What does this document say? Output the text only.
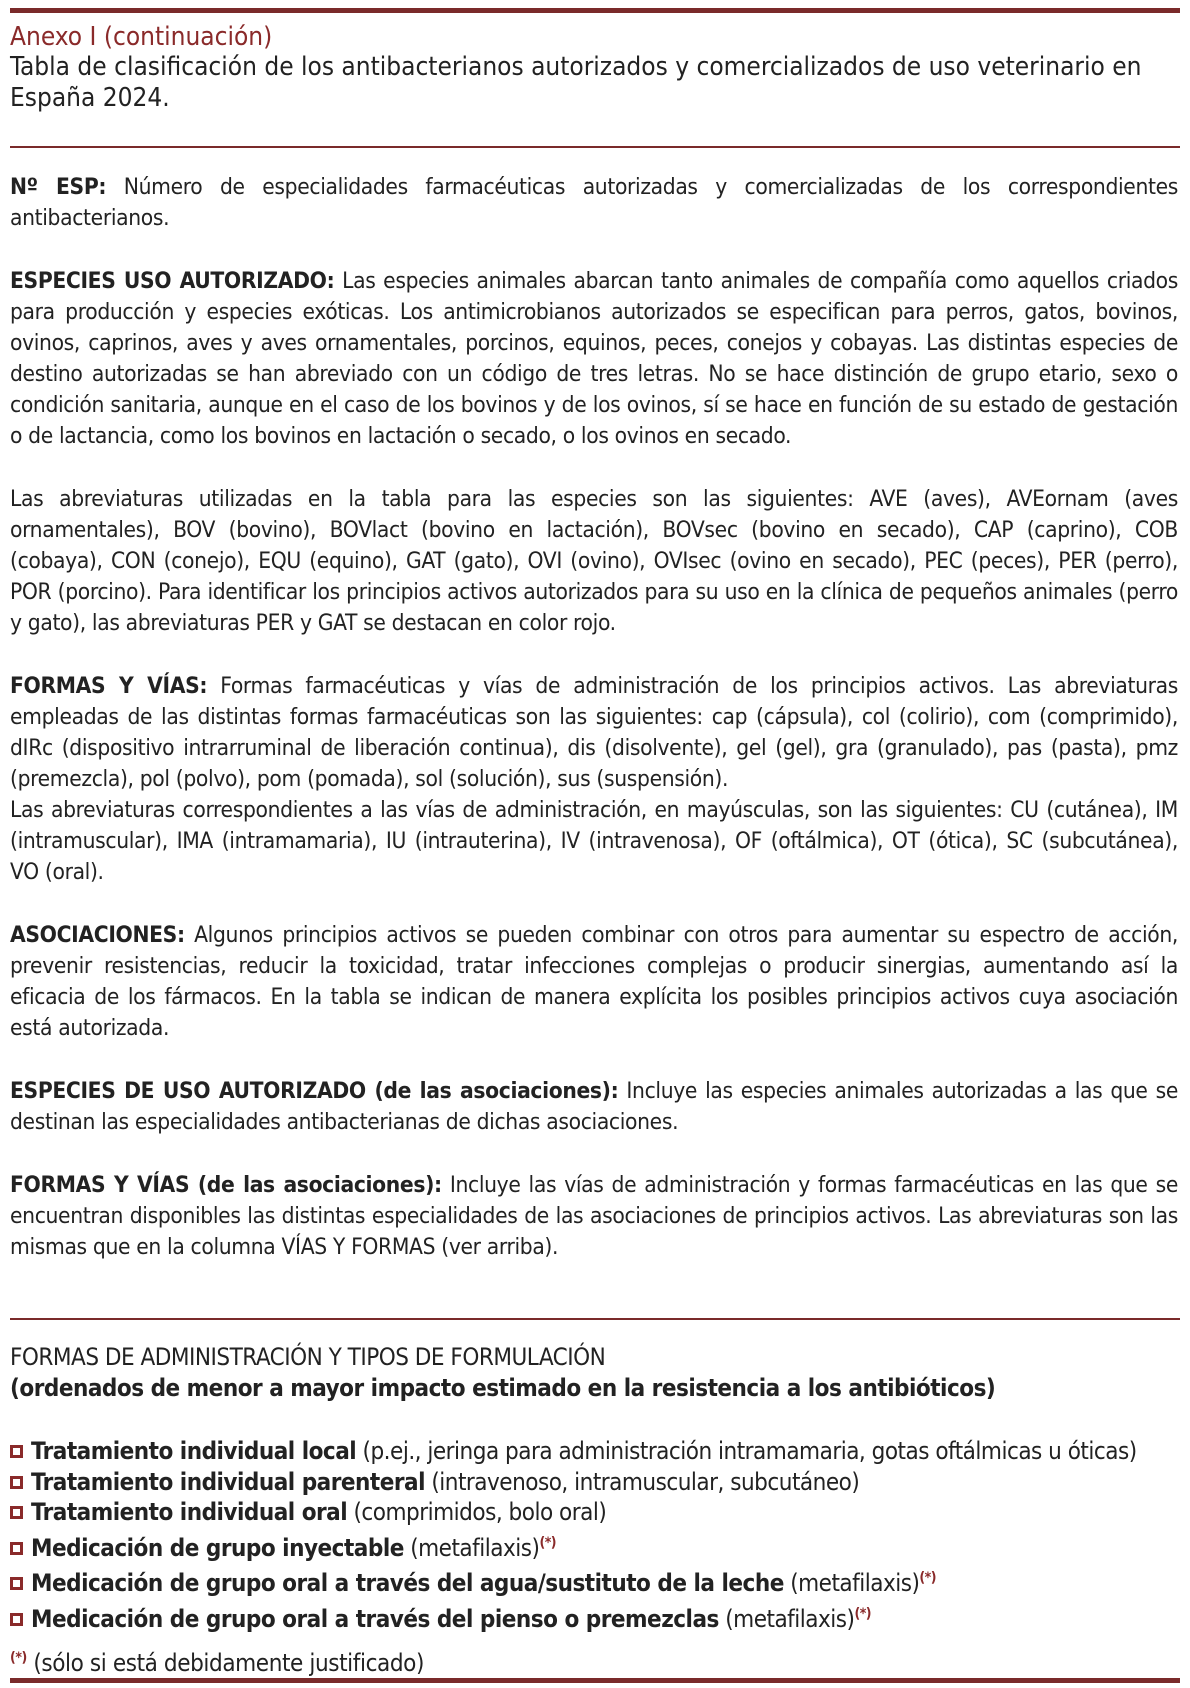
Anexo I (continuación)
Tabla de clasificación de los antibacterianos autorizados y comercializados de uso veterinario en España 2024.

Nº ESP: Número de especialidades farmacéuticas autorizadas y comercializadas de los correspondientes antibacterianos.

ESPECIES USO AUTORIZADO: Las especies animales abarcan tanto animales de compañía como aquellos criados para producción y especies exóticas. Los antimicrobianos autorizados se especifican para perros, gatos, bovinos, ovinos, caprinos, aves y aves ornamentales, porcinos, equinos, peces, conejos y cobayas. Las distintas especies de destino autorizadas se han abreviado con un código de tres letras. No se hace distinción de grupo etario, sexo o condición sanitaria, aunque en el caso de los bovinos y de los ovinos, sí se hace en función de su estado de gestación o de lactancia, como los bovinos en lactación o secado, o los ovinos en secado.

Las abreviaturas utilizadas en la tabla para las especies son las siguientes: AVE (aves), AVEornam (aves ornamentales), BOV (bovino), BOVlact (bovino en lactación), BOVsec (bovino en secado), CAP (caprino), COB (cobaya), CON (conejo), EQU (equino), GAT (gato), OVI (ovino), OVIsec (ovino en secado), PEC (peces), PER (perro), POR (porcino). Para identificar los principios activos autorizados para su uso en la clínica de pequeños animales (perro y gato), las abreviaturas PER y GAT se destacan en color rojo.

FORMAS Y VÍAS: Formas farmacéuticas y vías de administración de los principios activos. Las abreviaturas empleadas de las distintas formas farmacéuticas son las siguientes: cap (cápsula), col (colirio), com (comprimido), dIRc (dispositivo intrarruminal de liberación continua), dis (disolvente), gel (gel), gra (granulado), pas (pasta), pmz (premezcla), pol (polvo), pom (pomada), sol (solución), sus (suspensión).

Las abreviaturas correspondientes a las vías de administración, en mayúsculas, son las siguientes: CU (cutánea), IM (intramuscular), IMA (intramamaria), IU (intrauterina), IV (intravenosa), OF (oftálmica), OT (ótica), SC (subcutánea), VO (oral).

ASOCIACIONES: Algunos principios activos se pueden combinar con otros para aumentar su espectro de acción, prevenir resistencias, reducir la toxicidad, tratar infecciones complejas o producir sinergias, aumentando así la eficacia de los fármacos. En la tabla se indican de manera explícita los posibles principios activos cuya asociación está autorizada.

ESPECIES DE USO AUTORIZADO (de las asociaciones): Incluye las especies animales autorizadas a las que se destinan las especialidades antibacterianas de dichas asociaciones.

FORMAS Y VÍAS (de las asociaciones): Incluye las vías de administración y formas farmacéuticas en las que se encuentran disponibles las distintas especialidades de las asociaciones de principios activos. Las abreviaturas son las mismas que en la columna VÍAS Y FORMAS (ver arriba).

FORMAS DE ADMINISTRACIÓN Y TIPOS DE FORMULACIÓN
(ordenados de menor a mayor impacto estimado en la resistencia a los antibióticos)
Tratamiento individual local (p.ej., jeringa para administración intramamaria, gotas oftálmicas u óticas)
Tratamiento individual parenteral (intravenoso, intramuscular, subcutáneo)
Tratamiento individual oral (comprimidos, bolo oral)
Medicación de grupo inyectable (metafilaxis)(*)
Medicación de grupo oral a través del agua/sustituto de la leche (metafilaxis)(*)
Medicación de grupo oral a través del pienso o premezclas (metafilaxis)(*)
(*) (sólo si está debidamente justificado)
